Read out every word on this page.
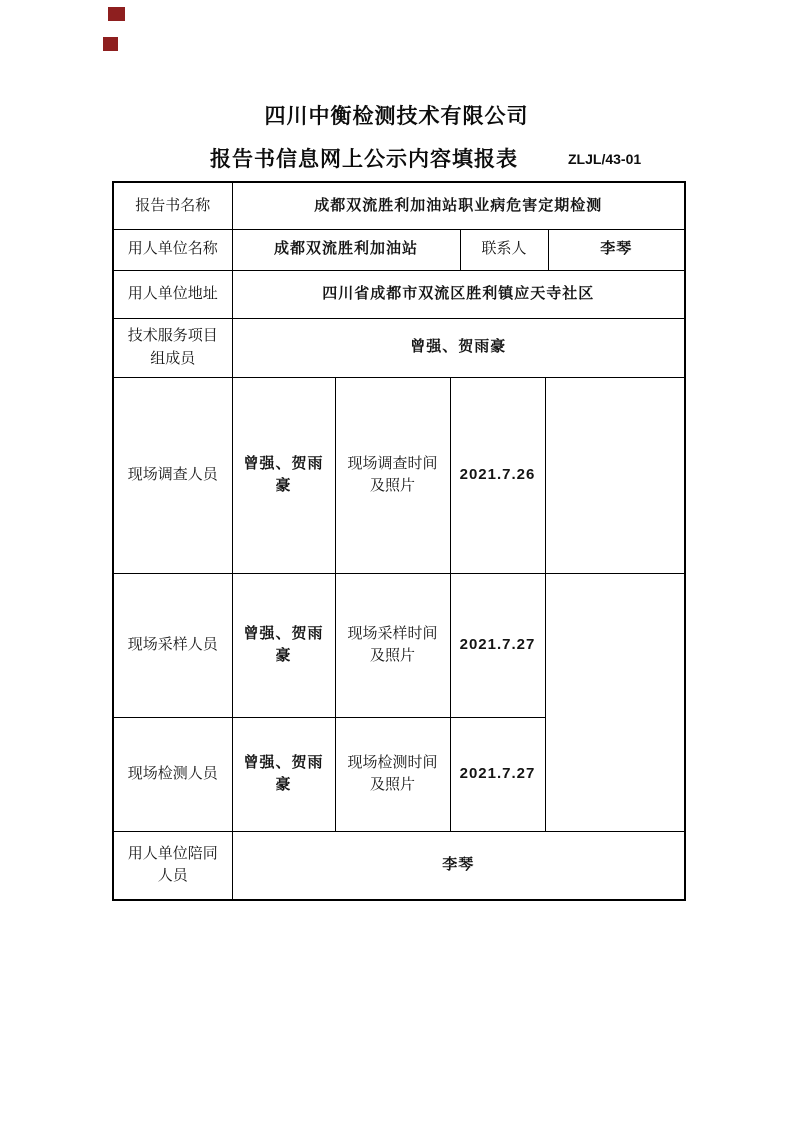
四川中衡检测技术有限公司
报告书信息网上公示内容填报表	ZLJL/43-01
报告书名称	成都双流胜利加油站职业病危害定期检测					
用人单位名称	成都双流胜利加油站			联系人		李琴
用人单位地址	四川省成都市双流区胜利镇应天寺社区					
技术服务项目组成员	曾强、贺雨豪					
现场调查人员	曾强、贺雨豪	现场调查时间及照片	2021.7.26			
现场采样人员	曾强、贺雨豪	现场采样时间及照片	2021.7.27			
现场检测人员	曾强、贺雨豪	现场检测时间及照片	2021.7.27			
用人单位陪同人员	李琴					
